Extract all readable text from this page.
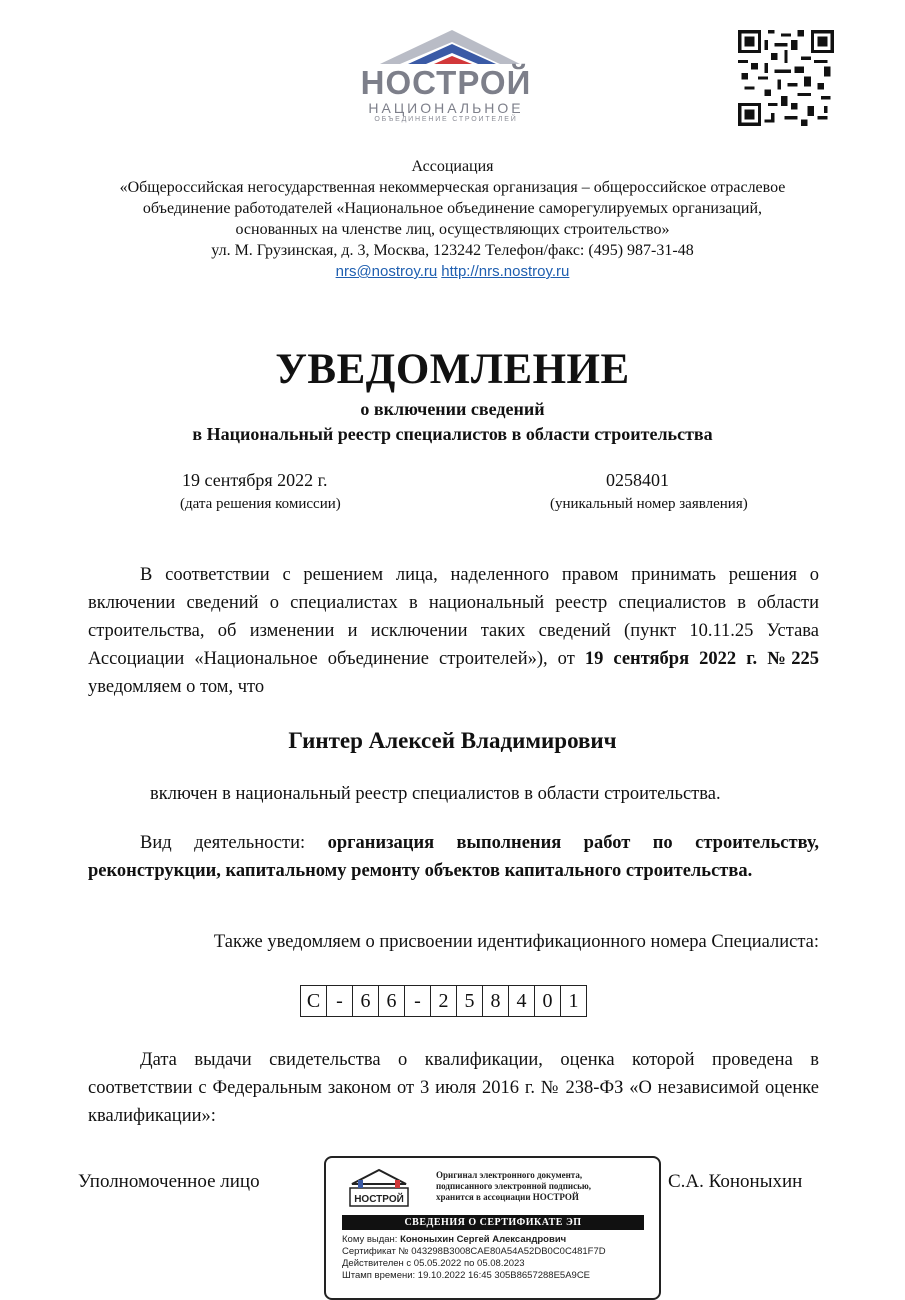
НОСТРОЙ
НАЦИОНАЛЬНОЕ
ОБЪЕДИНЕНИЕ СТРОИТЕЛЕЙ
Ассоциация
«Общероссийская негосударственная некоммерческая организация – общероссийское отраслевое
объединение работодателей «Национальное объединение саморегулируемых организаций,
основанных на членстве лиц, осуществляющих строительство»
ул. М. Грузинская, д. 3, Москва, 123242 Телефон/факс: (495) 987-31-48
nrs@nostroy.ru http://nrs.nostroy.ru
УВЕДОМЛЕНИЕ
о включении сведений
в Национальный реестр специалистов в области строительства
19 сентября 2022 г.
(дата решения комиссии)
0258401
(уникальный номер заявления)
В соответствии с решением лица, наделенного правом принимать решения о включении сведений о специалистах в национальный реестр специалистов в области строительства, об изменении и исключении таких сведений (пункт 10.11.25 Устава Ассоциации «Национальное объединение строителей»), от 19 сентября 2022 г. №225 уведомляем о том, что
Гинтер Алексей Владимирович
включен в национальный реестр специалистов в области строительства.
Вид деятельности: организация выполнения работ по строительству, реконструкции, капитальному ремонту объектов капитального строительства.
Также уведомляем о присвоении идентификационного номера Специалиста:
С - 6 6 - 2 5 8 4 0 1
Дата выдачи свидетельства о квалификации, оценка которой проведена в соответствии с Федеральным законом от 3 июля 2016 г. № 238-ФЗ «О независимой оценке квалификации»:
Уполномоченное лицо	С.А. Кононыхин
НОСТРОЙ
Оригинал электронного документа,
подписанного электронной подписью,
хранится в ассоциации НОСТРОЙ
СВЕДЕНИЯ О СЕРТИФИКАТЕ ЭП
Кому выдан: Кононыхин Сергей Александрович
Сертификат № 043298B3008CAE80A54A52DB0C0C481F7D
Действителен с 05.05.2022 по 05.08.2023
Штамп времени: 19.10.2022 16:45 305B8657288E5A9CE
